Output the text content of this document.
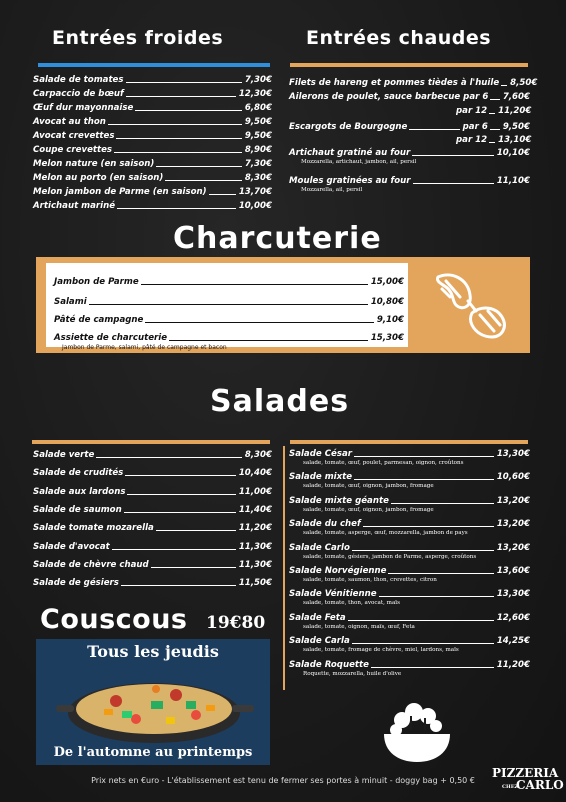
Entrées froides
Salade de tomates	7,30€
Carpaccio de bœuf	12,30€
Œuf dur mayonnaise	6,80€
Avocat au thon	9,50€
Avocat crevettes	9,50€
Coupe crevettes	8,90€
Melon nature (en saison)	7,30€
Melon au porto (en saison)	8,30€
Melon jambon de Parme (en saison)	13,70€
Artichaut mariné	10,00€
Entrées chaudes
Filets de hareng et pommes tièdes à l'huile 8,50€
Ailerons de poulet, sauce barbecue par 6 7,60€
par 12 11,20€
Escargots de Bourgogne	par 6 9,50€
par 12 13,10€
Artichaut gratiné au four	10,10€
Mozzarella, artichaut, jambon, ail, persil
Moules gratinées au four	11,10€
Mozzarella, ail, persil
Charcuterie
Jambon de Parme	15,00€
Salami	10,80€
Pâté de campagne	9,10€
Assiette de charcuterie	15,30€
Jambon de Parme, salami, pâté de campagne et bacon
Salades
Salade verte	8,30€
Salade de crudités	10,40€
Salade aux lardons	11,00€
Salade de saumon	11,40€
Salade tomate mozarella	11,20€
Salade d'avocat	11,30€
Salade de chèvre chaud	11,30€
Salade de gésiers	11,50€
Salade César	13,30€
salade, tomate, œuf, poulet, parmesan, oignon, croûtons
Salade mixte	10,60€
salade, tomate, œuf, oignon, jambon, fromage
Salade mixte géante	13,20€
salade, tomate, œuf, oignon, jambon, fromage
Salade du chef	13,20€
salade, tomate, asperge, œuf, mozzarella, jambon de pays
Salade Carlo	13,20€
salade, tomate, gésiers, jambon de Parme, asperge, croûtons
Salade Norvégienne	13,60€
salade, tomate, saumon, thon, crevettes, citron
Salade Vénitienne	13,30€
salade, tomate, thon, avocat, maïs
Salade Feta	12,60€
salade, tomate, oignon, maïs, œuf, Feta
Salade Carla	14,25€
salade, tomate, fromage de chèvre, miel, lardons, maïs
Salade Roquette	11,20€
Roquette, mozzarella, huile d'olive
Couscous 19€80
Tous les jeudis
De l'automne au printemps
PIZZERIA
CHEZ
CARLO
Prix nets en €uro - L'établissement est tenu de fermer ses portes à minuit - doggy bag + 0,50 €
